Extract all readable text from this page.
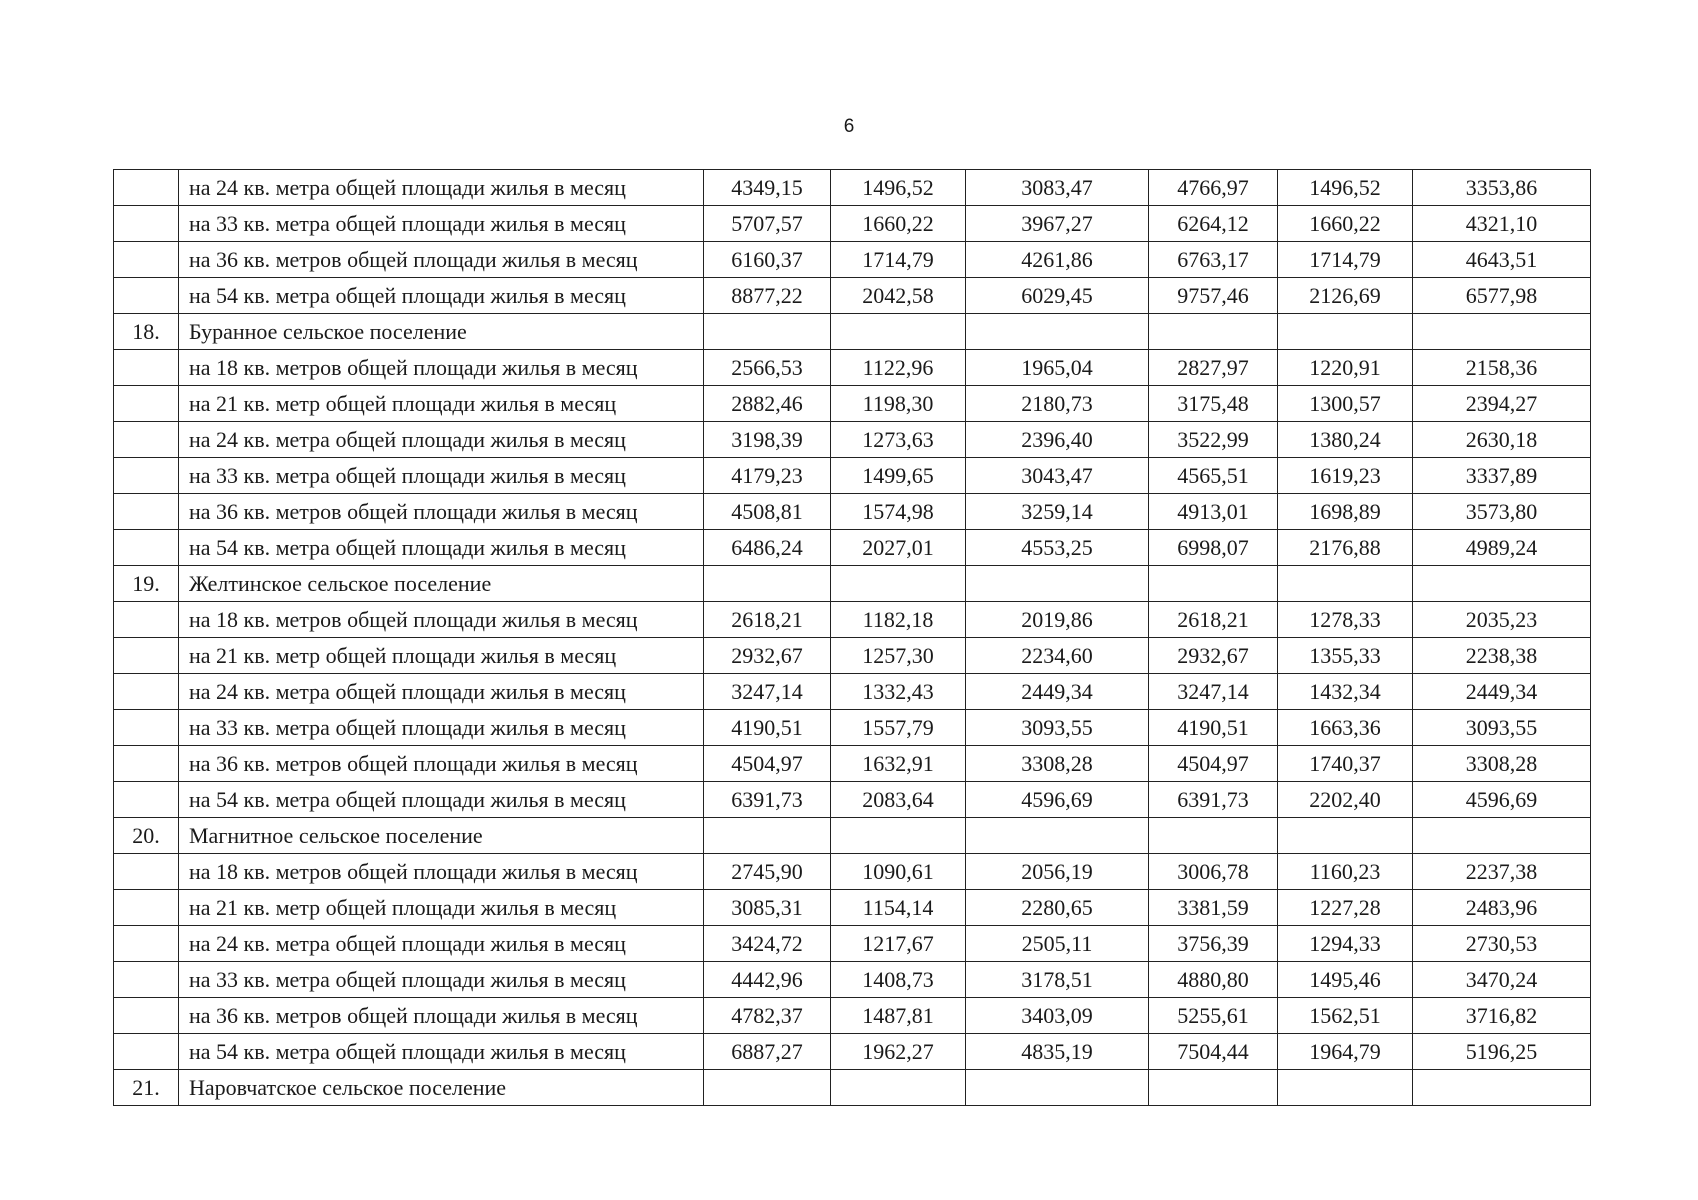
6
	на 24 кв. метра общей площади жилья в месяц	4349,15	1496,52	3083,47	4766,97	1496,52	3353,86
	на 33 кв. метра общей площади жилья в месяц	5707,57	1660,22	3967,27	6264,12	1660,22	4321,10
	на 36 кв. метров общей площади жилья в месяц	6160,37	1714,79	4261,86	6763,17	1714,79	4643,51
	на 54 кв. метра общей площади жилья в месяц	8877,22	2042,58	6029,45	9757,46	2126,69	6577,98
18.	Буранное сельское поселение						
	на 18 кв. метров общей площади жилья в месяц	2566,53	1122,96	1965,04	2827,97	1220,91	2158,36
	на 21 кв. метр общей площади жилья в месяц	2882,46	1198,30	2180,73	3175,48	1300,57	2394,27
	на 24 кв. метра общей площади жилья в месяц	3198,39	1273,63	2396,40	3522,99	1380,24	2630,18
	на 33 кв. метра общей площади жилья в месяц	4179,23	1499,65	3043,47	4565,51	1619,23	3337,89
	на 36 кв. метров общей площади жилья в месяц	4508,81	1574,98	3259,14	4913,01	1698,89	3573,80
	на 54 кв. метра общей площади жилья в месяц	6486,24	2027,01	4553,25	6998,07	2176,88	4989,24
19.	Желтинское сельское поселение						
	на 18 кв. метров общей площади жилья в месяц	2618,21	1182,18	2019,86	2618,21	1278,33	2035,23
	на 21 кв. метр общей площади жилья в месяц	2932,67	1257,30	2234,60	2932,67	1355,33	2238,38
	на 24 кв. метра общей площади жилья в месяц	3247,14	1332,43	2449,34	3247,14	1432,34	2449,34
	на 33 кв. метра общей площади жилья в месяц	4190,51	1557,79	3093,55	4190,51	1663,36	3093,55
	на 36 кв. метров общей площади жилья в месяц	4504,97	1632,91	3308,28	4504,97	1740,37	3308,28
	на 54 кв. метра общей площади жилья в месяц	6391,73	2083,64	4596,69	6391,73	2202,40	4596,69
20.	Магнитное сельское поселение						
	на 18 кв. метров общей площади жилья в месяц	2745,90	1090,61	2056,19	3006,78	1160,23	2237,38
	на 21 кв. метр общей площади жилья в месяц	3085,31	1154,14	2280,65	3381,59	1227,28	2483,96
	на 24 кв. метра общей площади жилья в месяц	3424,72	1217,67	2505,11	3756,39	1294,33	2730,53
	на 33 кв. метра общей площади жилья в месяц	4442,96	1408,73	3178,51	4880,80	1495,46	3470,24
	на 36 кв. метров общей площади жилья в месяц	4782,37	1487,81	3403,09	5255,61	1562,51	3716,82
	на 54 кв. метра общей площади жилья в месяц	6887,27	1962,27	4835,19	7504,44	1964,79	5196,25
21.	Наровчатское сельское поселение						
